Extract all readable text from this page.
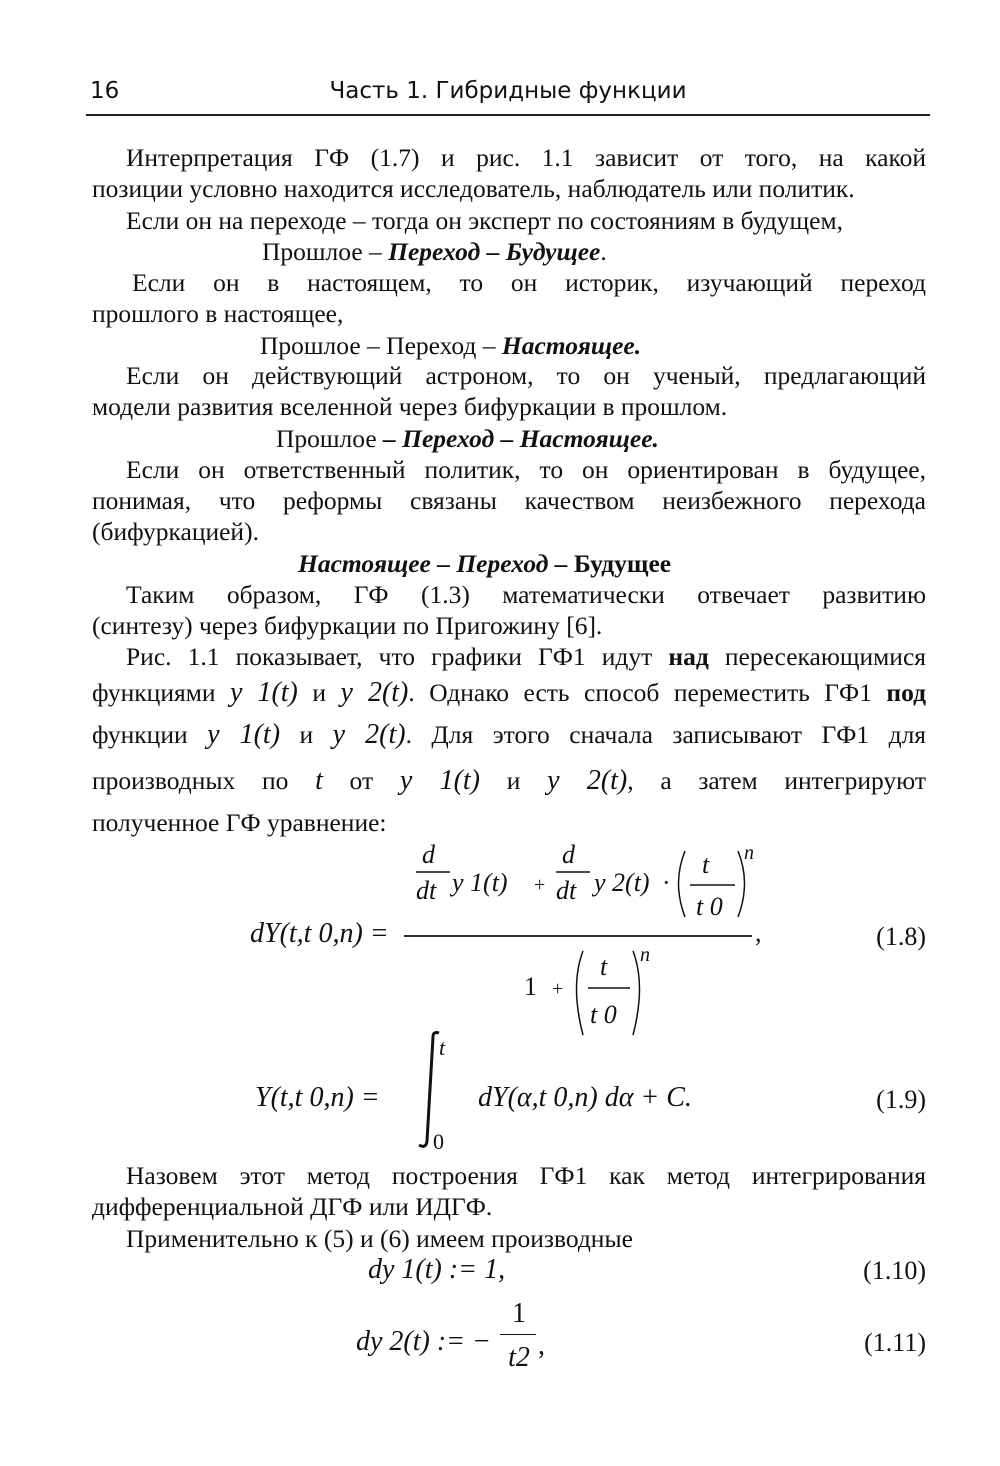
16	Часть 1. Гибридные функции
Интерпретация ГФ (1.7) и рис. 1.1 зависит от того, на какой
позиции условно находится исследователь, наблюдатель или политик.
Если он на переходе – тогда он эксперт по состояниям в будущем,
Прошлое – Переход – Будущее.
Если он в настоящем, то он историк, изучающий переход
прошлого в настоящее,
Прошлое – Переход – Настоящее.
Если он действующий астроном, то он ученый, предлагающий
модели развития вселенной через бифуркации в прошлом.
Прошлое – Переход – Настоящее.
Если он ответственный политик, то он ориентирован в будущее,
понимая, что реформы связаны качеством неизбежного перехода
(бифуркацией).
Настоящее – Переход – Будущее
Таким образом, ГФ (1.3) математически отвечает развитию
(синтезу) через бифуркации по Пригожину [6].
Рис. 1.1 показывает, что графики ГФ1 идут над пересекающимися
функциями y 1(t) и y 2(t). Однако есть способ переместить ГФ1 под
функции y 1(t) и y 2(t). Для этого сначала записывают ГФ1 для
производных по t от y 1(t) и y 2(t), а затем интегрируют
полученное ГФ уравнение:
dY(t,t 0,n) =
d
dt y 1(t) +
d
dt y 2(t) ·
t
t 0
n
,
1 +
t
t 0
n
(1.8)
Y(t,t 0,n) =
t
0
dY(α,t 0,n) dα + C.	(1.9)
Назовем этот метод построения ГФ1 как метод интегрирования
дифференциальной ДГФ или ИДГФ.
Применительно к (5) и (6) имеем производные
dy 1(t) := 1,	(1.10)
dy 2(t) := −
1
t2 ,	(1.11)
